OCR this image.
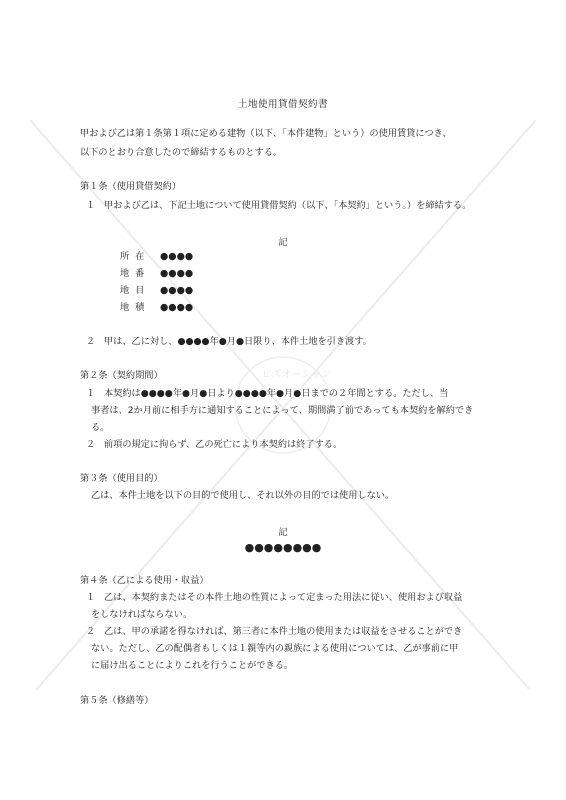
ビズオーシャン
土地使用貸借契約書
甲および乙は第１条第１項に定める建物（以下、「本件建物」という）の使用賃貸につき、
以下のとおり合意したので締結するものとする。
第１条（使用貸借契約）
１ 甲および乙は、下記土地について使用貸借契約（以下、「本契約」という。）を締結する。
記
所在 ●●●●
地番 ●●●●
地目 ●●●●
地積 ●●●●
２ 甲は、乙に対し、●●●●年●月●日限り、本件土地を引き渡す。
第２条（契約期間）
１ 本契約は●●●●年●月●日より●●●●年●月●日までの２年間とする。ただし、当
事者は、2か月前に相手方に通知することによって、期間満了前であっても本契約を解約でき
る。
２ 前項の規定に拘らず、乙の死亡により本契約は終了する。
第３条（使用目的）
乙は、本件土地を以下の目的で使用し、それ以外の目的では使用しない。
記
●●●●●●●●
第４条（乙による使用・収益）
１ 乙は、本契約またはその本件土地の性質によって定まった用法に従い、使用および収益
をしなければならない。
２ 乙は、甲の承諾を得なければ、第三者に本件土地の使用または収益をさせることができ
ない。ただし、乙の配偶者もしくは１親等内の親族による使用については、乙が事前に甲
に届け出ることによりこれを行うことができる。
第５条（修繕等）
